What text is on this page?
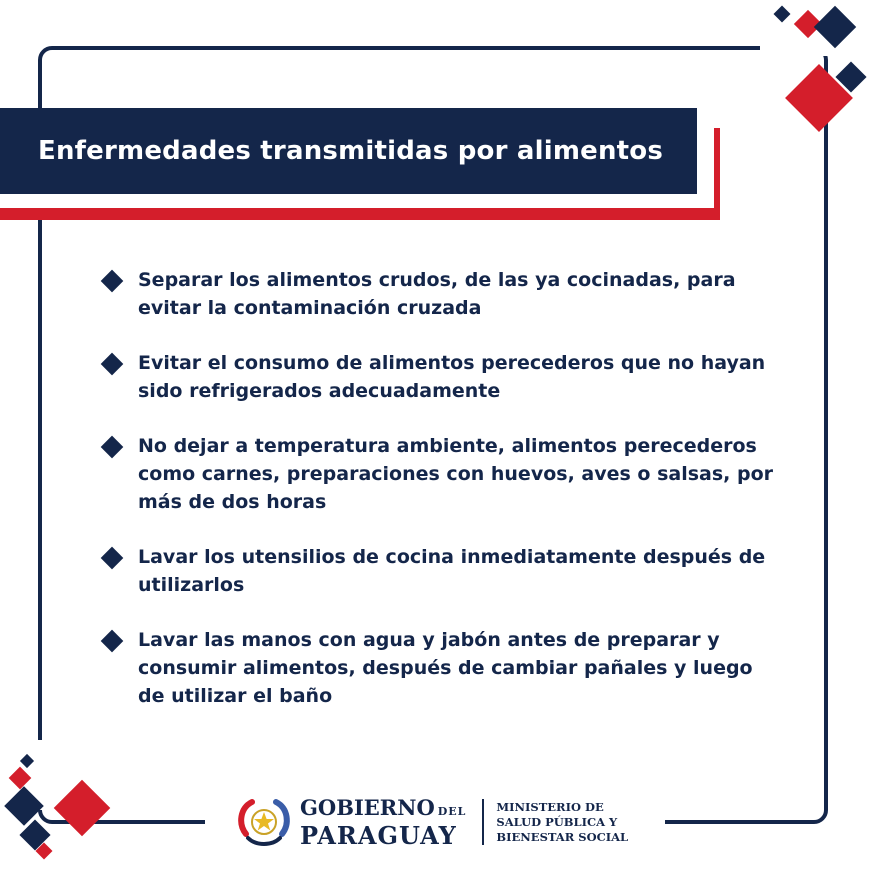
Enfermedades transmitidas por alimentos
Separar los alimentos crudos, de las ya cocinadas, para evitar la contaminación cruzada
Evitar el consumo de alimentos perecederos que no hayan sido refrigerados adecuadamente
No dejar a temperatura ambiente, alimentos perecederos como carnes, preparaciones con huevos, aves o salsas, por más de dos horas
Lavar los utensilios de cocina inmediatamente después de utilizarlos
Lavar las manos con agua y jabón antes de preparar y consumir alimentos, después de cambiar pañales y luego de utilizar el baño
GOBIERNO DEL
PARAGUAY
MINISTERIO DE
SALUD PÚBLICA Y
BIENESTAR SOCIAL
